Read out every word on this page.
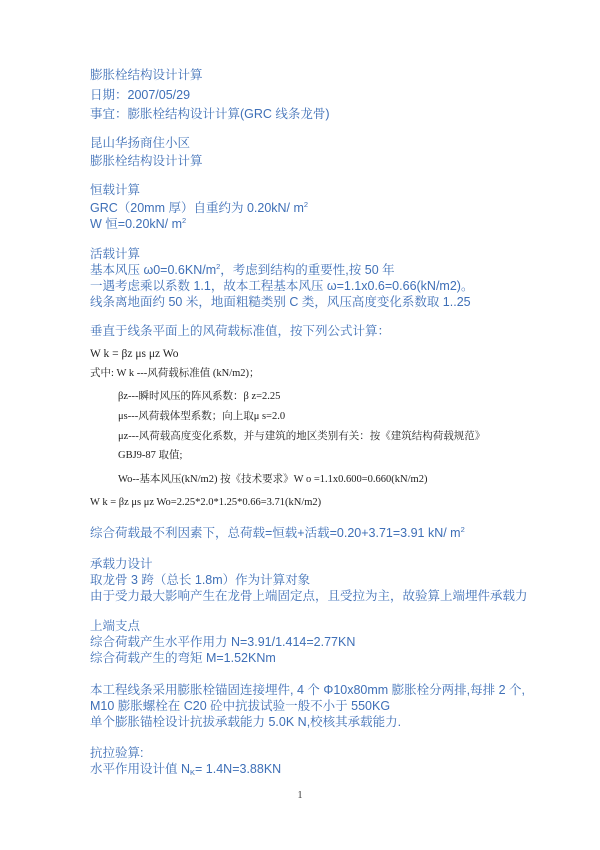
膨胀栓结构设计计算
日期：2007/05/29
事宜：膨胀栓结构设计计算(GRC 线条龙骨)
昆山华扬商住小区
膨胀栓结构设计计算
恒载计算
GRC（20mm 厚）自重约为 0.20kN/ $m^2$
W 恒=0.20kN/ $m^2$
活载计算
基本风压 $\omega 0=0.6KN/m^2$，考虑到结构的重要性,按 50 年
一遇考虑乘以系数 1.1，故本工程基本风压 ω=1.1x0.6=0.66(kN/m2)。
线条离地面约 50 米，地面粗糙类别 C 类，风压高度变化系数取 1..25
垂直于线条平面上的风荷载标准值，按下列公式计算：
W k = βz μs μz Wo
式中: W k ---风荷载标准值 (kN/m2)；
βz---瞬时风压的阵风系数：β z=2.25
μs---风荷载体型系数；向上取μ s=2.0
μz---风荷载高度变化系数，并与建筑的地区类别有关：按《建筑结构荷载规范》
GBJ9-87 取值;
Wo--基本风压(kN/m2) 按《技术要求》W o =1.1x0.600=0.660(kN/m2)
W k = βz μs μz Wo=2.25*2.0*1.25*0.66=3.71(kN/m2)
综合荷载最不利因素下，总荷载=恒载+活载=0.20+3.71=3.91 kN/ $m^2$
承载力设计
取龙骨 3 跨（总长 1.8m）作为计算对象
由于受力最大影响产生在龙骨上端固定点，且受拉为主，故验算上端埋件承载力
上端支点
综合荷载产生水平作用力 N=3.91/1.414=2.77KN
综合荷载产生的弯矩 M=1.52KNm
本工程线条采用膨胀栓锚固连接埋件, 4 个 Φ10x80mm 膨胀栓分两排,每排 2 个,
M10 膨胀螺栓在 C20 砼中抗拔试验一般不小于 550KG
单个膨胀锚栓设计抗拔承载能力 5.0K N,校核其承载能力.
抗拉验算:
水平作用设计值 $N_K= 1.4N=3.88KN$
1
